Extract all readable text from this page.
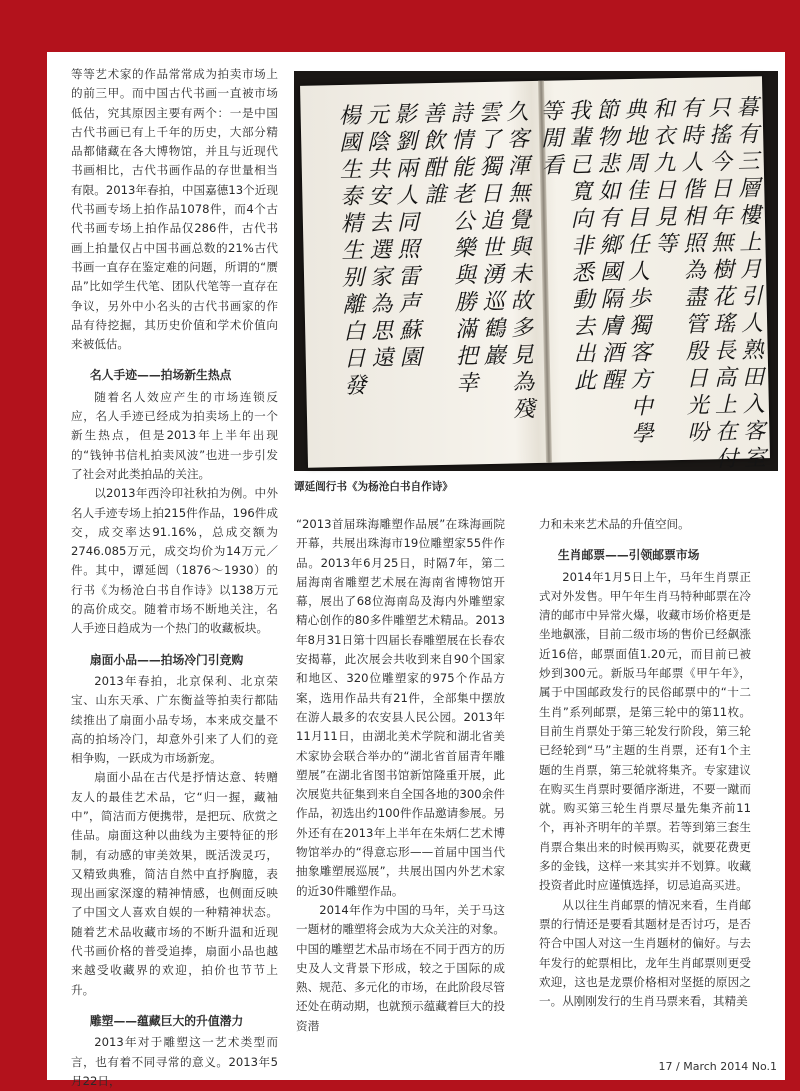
等等艺术家的作品常常成为拍卖市场上的前三甲。而中国古代书画一直被市场低估，究其原因主要有两个：一是中国古代书画已有上千年的历史，大部分精品都储藏在各大博物馆，并且与近现代书画相比，古代书画作品的存世量相当有限。2013年春拍，中国嘉德13个近现代书画专场上拍作品1078件，而4个古代书画专场上拍作品仅286件，古代书画上拍量仅占中国书画总数的21%古代书画一直存在鉴定难的问题，所谓的“赝品”比如学生代笔、团队代笔等一直存在争议，另外中小名头的古代书画家的作品有待挖掘，其历史价值和学术价值向来被低估。

名人手迹——拍场新生热点

随着名人效应产生的市场连锁反应，名人手迹已经成为拍卖场上的一个新生热点，但是2013年上半年出现的“钱钟书信札拍卖风波”也进一步引发了社会对此类拍品的关注。

以2013年西泠印社秋拍为例。中外名人手迹专场上拍215件作品，196件成交，成交率达91.16%，总成交额为2746.085万元，成交均价为14万元／件。其中，谭延闿（1876～1930）的行书《为杨沧白书自作诗》以138万元的高价成交。随着市场不断地关注，名人手迹日趋成为一个热门的收藏板块。

扇面小品——拍场冷门引竞购

2013年春拍，北京保利、北京荣宝、山东天承、广东衡益等拍卖行都陆续推出了扇面小品专场，本来成交量不高的拍场冷门，却意外引来了人们的竞相争购，一跃成为市场新宠。

扇面小品在古代是抒情达意、转赠友人的最佳艺术品，它“归一握，藏袖中”，简洁而方便携带，是把玩、欣赏之佳品。扇面这种以曲线为主要特征的形制，有动感的审美效果，既活泼灵巧，又精致典雅，简洁自然中直抒胸臆，表现出画家深邃的精神情感，也侧面反映了中国文人喜欢自娱的一种精神状态。随着艺术品收藏市场的不断升温和近现代书画价格的普受追捧，扇面小品也越来越受收藏界的欢迎，拍价也节节上升。

雕塑——蕴藏巨大的升值潜力

2013年对于雕塑这一艺术类型而言，也有着不同寻常的意义。2013年5月22日，

久客渾無覺與未故多見為殘
雲了獨日追世湧巡鶴巖
詩情能老公樂與勝滿把幸
善飲酣誰
影劉兩人同照雷声蘇園
元陰共安去選家為思遠
楊國生泰精生别離白日發
暮有三層樓上月引人熟田入客室
只搖今日年無樹花瑤長高上在付
有時人偕相照為盡管殷日光吩
和衣九日見等
典地周佳目任人歩獨客方中學
節物悲如有鄉國隔膚酒醒
我輩已寬向非悉動去出此
等閒看
谭延闿行书《为杨沧白书自作诗》

“2013首届珠海雕塑作品展”在珠海画院开幕，共展出珠海市19位雕塑家55件作品。2013年6月25日，时隔7年，第二届海南省雕塑艺术展在海南省博物馆开幕，展出了68位海南岛及海内外雕塑家精心创作的80多件雕塑艺术精品。2013年8月31日第十四届长春雕塑展在长春农安揭幕，此次展会共收到来自90个国家和地区、320位雕塑家的975个作品方案，选用作品共有21件，全部集中摆放在游人最多的农安县人民公园。2013年11月11日，由湖北美术学院和湖北省美术家协会联合举办的“湖北省首届青年雕塑展”在湖北省图书馆新馆隆重开展，此次展览共征集到来自全国各地的300余件作品，初选出约100件作品邀请参展。另外还有在2013年上半年在朱炳仁艺术博物馆举办的“得意忘形——首届中国当代抽象雕塑展巡展”，共展出国内外艺术家的近30件雕塑作品。

2014年作为中国的马年，关于马这一题材的雕塑将会成为大众关注的对象。中国的雕塑艺术品市场在不同于西方的历史及人文背景下形成，较之于国际的成熟、规范、多元化的市场，在此阶段尽管还处在萌动期，也就预示蕴藏着巨大的投资潜

力和未来艺术品的升值空间。

生肖邮票——引领邮票市场

2014年1月5日上午，马年生肖票正式对外发售。甲午年生肖马特种邮票在冷清的邮市中异常火爆，收藏市场价格更是坐地飙涨，目前二级市场的售价已经飙涨近16倍，邮票面值1.20元，而目前已被炒到300元。新版马年邮票《甲午年》，属于中国邮政发行的民俗邮票中的“十二生肖”系列邮票，是第三轮中的第11枚。目前生肖票处于第三轮发行阶段，第三轮已经轮到“马”主题的生肖票，还有1个主题的生肖票，第三轮就将集齐。专家建议在购买生肖票时要循序渐进，不要一蹴而就。购买第三轮生肖票尽量先集齐前11个，再补齐明年的羊票。若等到第三套生肖票合集出来的时候再购买，就要花费更多的金钱，这样一来其实并不划算。收藏投资者此时应谨慎选择，切忌追高买进。

从以往生肖邮票的情况来看，生肖邮票的行情还是要看其题材是否讨巧，是否符合中国人对这一生肖题材的偏好。与去年发行的蛇票相比，龙年生肖邮票则更受欢迎，这也是龙票价格相对坚挺的原因之一。从刚刚发行的生肖马票来看，其精美

17 / March 2014 No.1
